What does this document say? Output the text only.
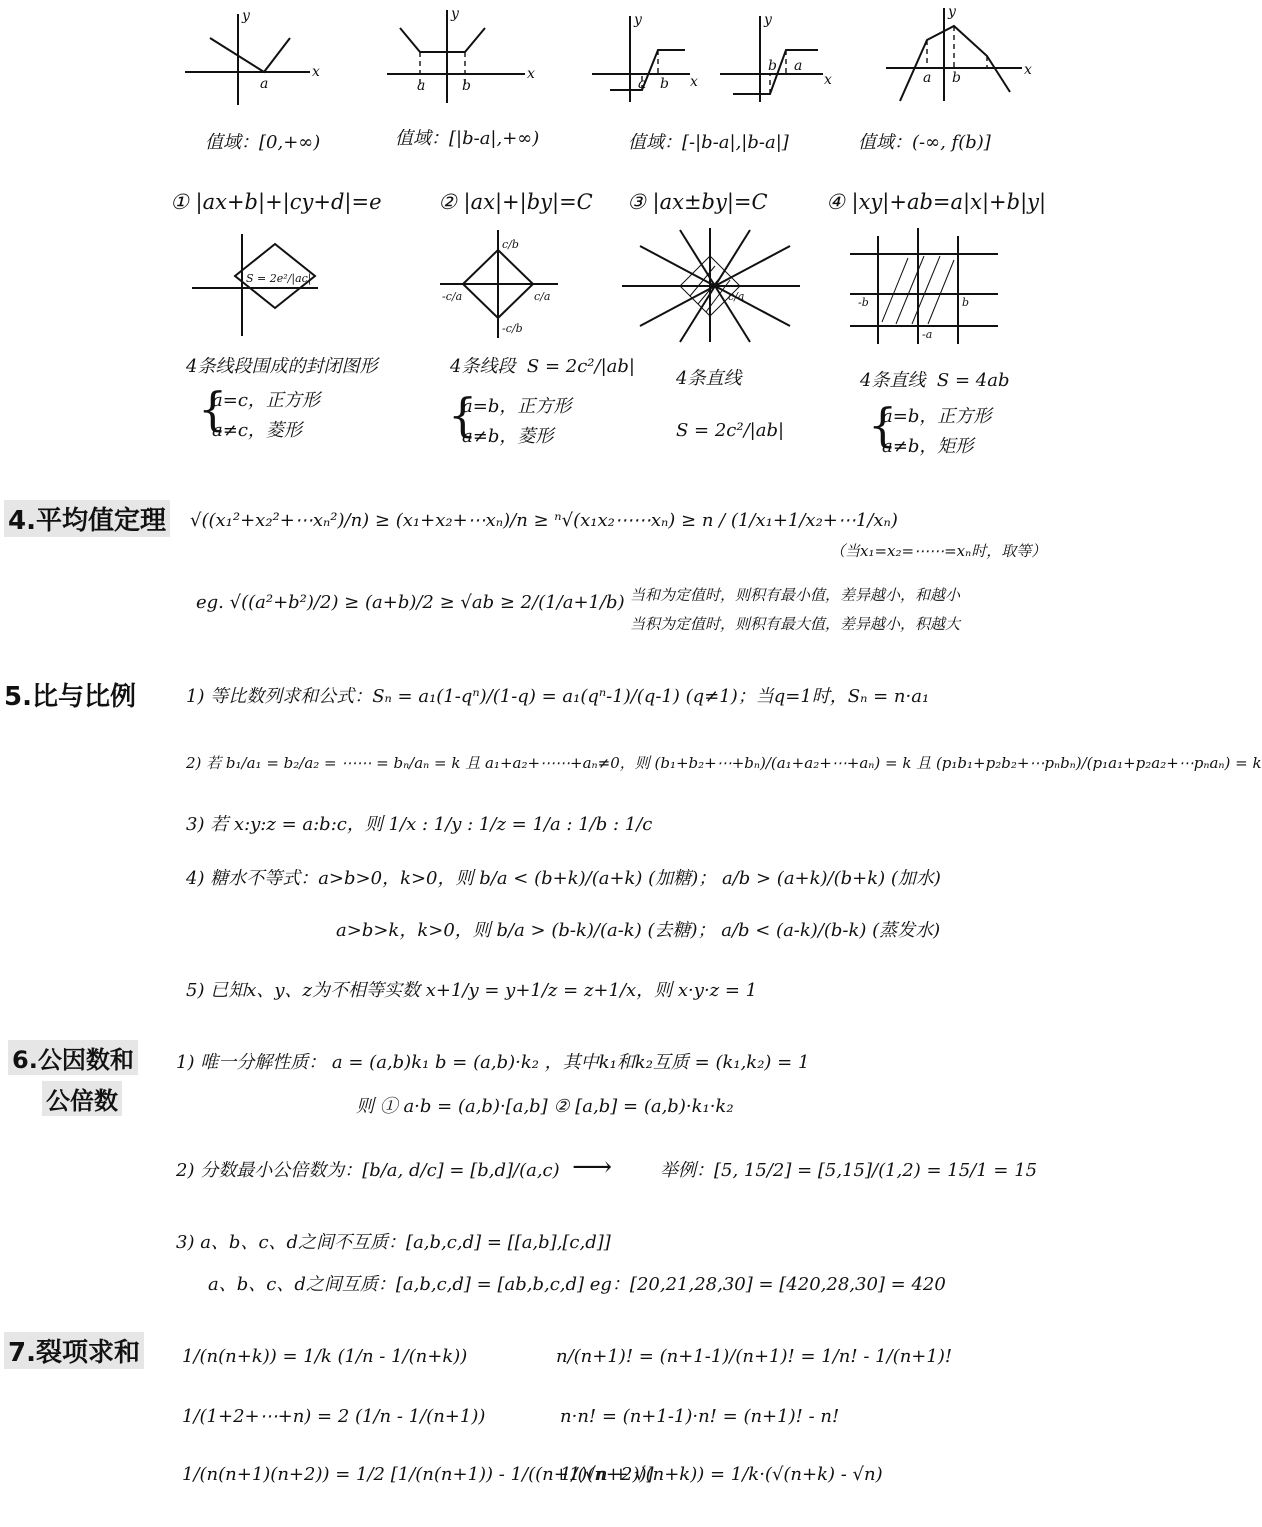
x
y
a
值域：[0,+∞)
x
y
a	b
值域：[|b-a|,+∞)
x
y
a b	x
y
b a
值域：[-|b-a|,|b-a|]
x
y
a b
值域：(-∞, f(b)]
① |ax+b|+|cy+d|=e	② |ax|+|by|=C ③ |ax±by|=C	④ |xy|+ab=a|x|+b|y|
S = 2e²/|ac|
c/b
-c/a	c/a
-c/b
c/a	-b	b
-a
4条线段围成的封闭图形
{
a=c，正方形
a≠c，菱形
4条线段 S = 2c²/|ab|
{
a=b，正方形
a≠b，菱形
4条直线
S = 2c²/|ab|
4条直线 S = 4ab
{
a=b，正方形
a≠b，矩形
4.平均值定理 √((x₁²+x₂²+⋯xₙ²)/n) ≥ (x₁+x₂+⋯xₙ)/n ≥ ⁿ√(x₁x₂⋯⋯xₙ) ≥ n / (1/x₁+1/x₂+⋯1/xₙ)
（当x₁=x₂=⋯⋯=xₙ时，取等）
eg. √((a²+b²)/2) ≥ (a+b)/2 ≥ √ab ≥ 2/(1/a+1/b) 当和为定值时，则积有最小值，差异越小，和越小
当积为定值时，则积有最大值，差异越小，积越大
5.比与比例	1) 等比数列求和公式：Sₙ = a₁(1-qⁿ)/(1-q) = a₁(qⁿ-1)/(q-1) (q≠1)；当q=1时，Sₙ = n·a₁
2) 若 b₁/a₁ = b₂/a₂ = ⋯⋯ = bₙ/aₙ = k 且 a₁+a₂+⋯⋯+aₙ≠0，则 (b₁+b₂+⋯+bₙ)/(a₁+a₂+⋯+aₙ) = k 且 (p₁b₁+p₂b₂+⋯pₙbₙ)/(p₁a₁+p₂a₂+⋯pₙaₙ) = k
3) 若 x:y:z = a:b:c，则 1/x : 1/y : 1/z = 1/a : 1/b : 1/c
4) 糖水不等式：a>b>0，k>0，则 b/a < (b+k)/(a+k) (加糖)； a/b > (a+k)/(b+k) (加水)
a>b>k，k>0，则 b/a > (b-k)/(a-k) (去糖)； a/b < (a-k)/(b-k) (蒸发水)
5) 已知x、y、z为不相等实数 x+1/y = y+1/z = z+1/x，则 x·y·z = 1
6.公因数和
公倍数
1) 唯一分解性质： a = (a,b)k₁ b = (a,b)·k₂ ，其中k₁和k₂互质 = (k₁,k₂) = 1
则 ① a·b = (a,b)·[a,b] ② [a,b] = (a,b)·k₁·k₂
2) 分数最小公倍数为：[b/a, d/c] = [b,d]/(a,c) ⟶	举例：[5, 15/2] = [5,15]/(1,2) = 15/1 = 15
3) a、b、c、d之间不互质：[a,b,c,d] = [[a,b],[c,d]]
a、b、c、d之间互质：[a,b,c,d] = [ab,b,c,d] eg：[20,21,28,30] = [420,28,30] = 420
7.裂项求和 1/(n(n+k)) = 1/k (1/n - 1/(n+k))
1/(1+2+⋯+n) = 2 (1/n - 1/(n+1))
1/(n(n+1)(n+2)) = 1/2 [1/(n(n+1)) - 1/((n+1)(n+2))]
n/(n+1)! = (n+1-1)/(n+1)! = 1/n! - 1/(n+1)!
n·n! = (n+1-1)·n! = (n+1)! - n!
1/(√n + √(n+k)) = 1/k·(√(n+k) - √n)
